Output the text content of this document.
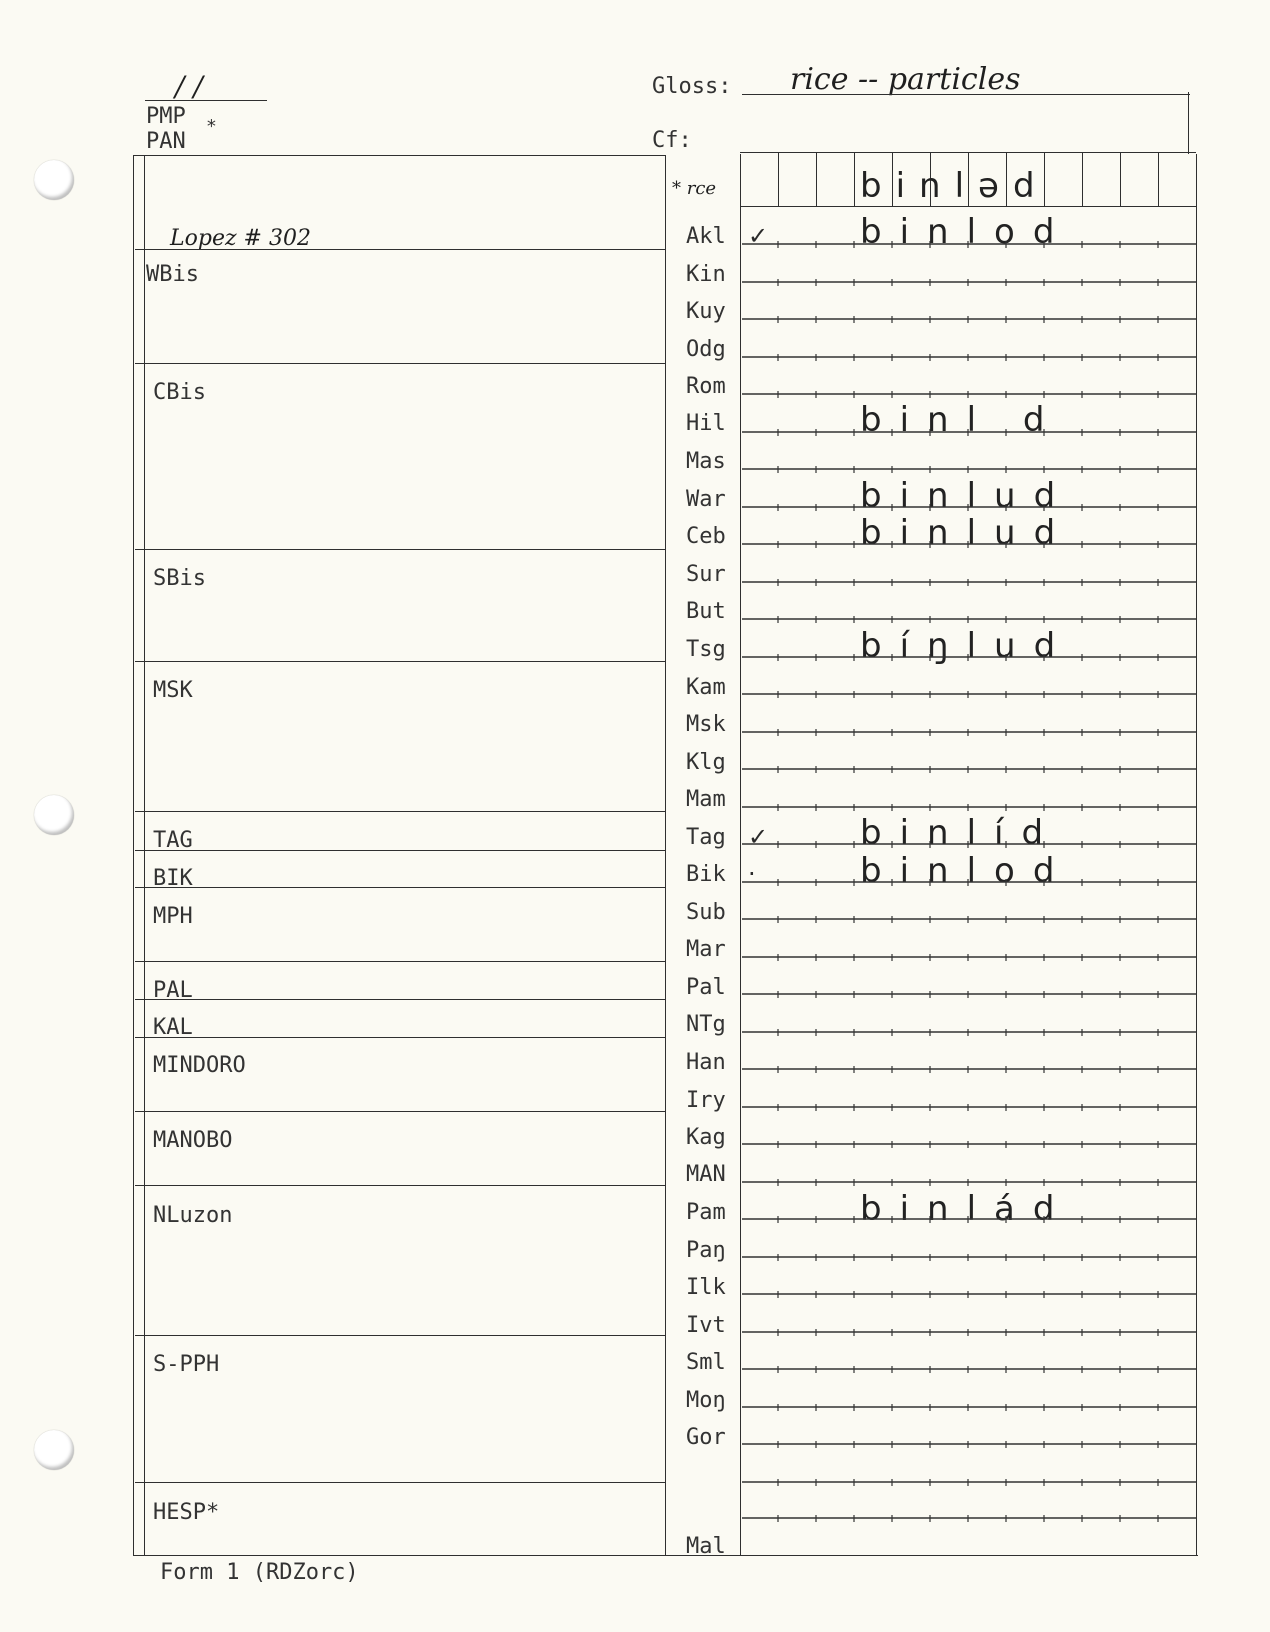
/ /
PMP *
PAN
Gloss: rice -- particles
Cf:
Lopez # 302
WBis
CBis
SBis
MSK
TAG
BIK
MPH
PAL
KAL
MINDORO
MANOBO
NLuzon
S-PPH
HESP*
* rce	binləd
Akl ✓	binlod
Kin
Kuy
Odg
Rom
Hil	binl d
Mas
War	binlud
Ceb	binlud
Sur
But
Tsg	bíŋlud
Kam
Msk
Klg
Mam
Tag ✓	binlíd
Bik ·	binlod
Sub
Mar
Pal
NTg
Han
Iry
Kag
MAN
Pam	binlád
Paŋ
Ilk
Ivt
Sml
Moŋ
Gor
Mal
Form 1 (RDZorc)
